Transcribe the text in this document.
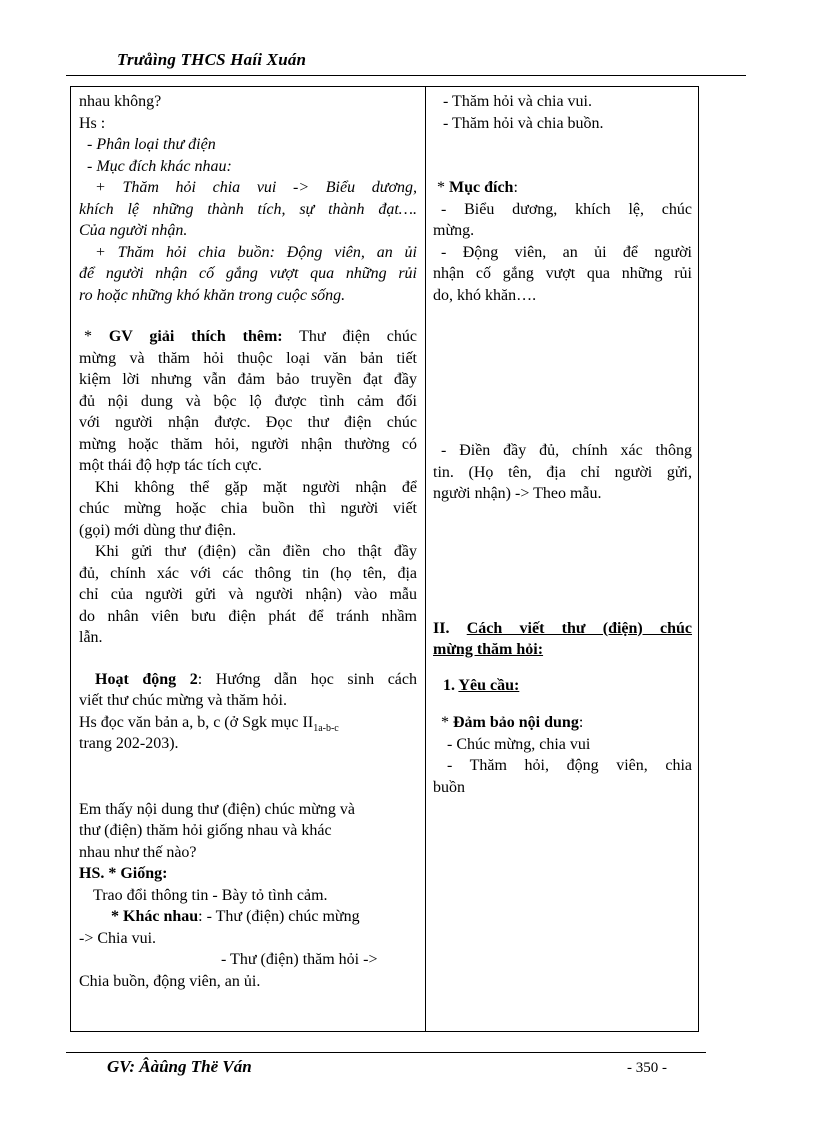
Trưåìng THCS Haíi Xuán
nhau không?
Hs :
- Phân loại thư điện
- Mục đích khác nhau:
+ Thăm hỏi chia vui -> Biểu dương,
khích lệ những thành tích, sự thành đạt….
Của người nhận.
+ Thăm hỏi chia buồn: Động viên, an ủi
để người nhận cố gắng vượt qua những rủi
ro hoặc những khó khăn trong cuộc sống.
* GV giải thích thêm: Thư điện chúc
mừng và thăm hỏi thuộc loại văn bản tiết
kiệm lời nhưng vẫn đảm bảo truyền đạt đầy
đủ nội dung và bộc lộ được tình cảm đối
với người nhận được. Đọc thư điện chúc
mừng hoặc thăm hỏi, người nhận thường có
một thái độ hợp tác tích cực.
Khi không thể gặp mặt người nhận để
chúc mừng hoặc chia buồn thì người viết
(gọi) mới dùng thư điện.
Khi gửi thư (điện) cần điền cho thật đầy
đủ, chính xác với các thông tin (họ tên, địa
chỉ của người gửi và người nhận) vào mẫu
do nhân viên bưu điện phát để tránh nhầm
lẫn.
Hoạt động 2: Hướng dẫn học sinh cách
viết thư chúc mừng và thăm hỏi.
Hs đọc văn bản a, b, c (ở Sgk mục $II_{1a-b-c}$
trang 202-203).
Em thấy nội dung thư (điện) chúc mừng và
thư (điện) thăm hỏi giống nhau và khác
nhau như thế nào?
HS. * Giống:
Trao đổi thông tin - Bày tỏ tình cảm.
* Khác nhau: - Thư (điện) chúc mừng
-> Chia vui.
- Thư (điện) thăm hỏi ->
Chia buồn, động viên, an ủi.
- Thăm hỏi và chia vui.
- Thăm hỏi và chia buồn.
* Mục đích:
- Biểu dương, khích lệ, chúc
mừng.
- Động viên, an ủi để người
nhận cố gắng vượt qua những rủi
do, khó khăn….
- Điền đầy đủ, chính xác thông
tin. (Họ tên, địa chỉ người gửi,
người nhận) -> Theo mẫu.
II. Cách viết thư (điện) chúc
mừng thăm hỏi:
1. Yêu cầu:
* Đảm bảo nội dung:
- Chúc mừng, chia vui
- Thăm hỏi, động viên, chia
buồn
GV: Âàûng Thë Ván	- 350 -
